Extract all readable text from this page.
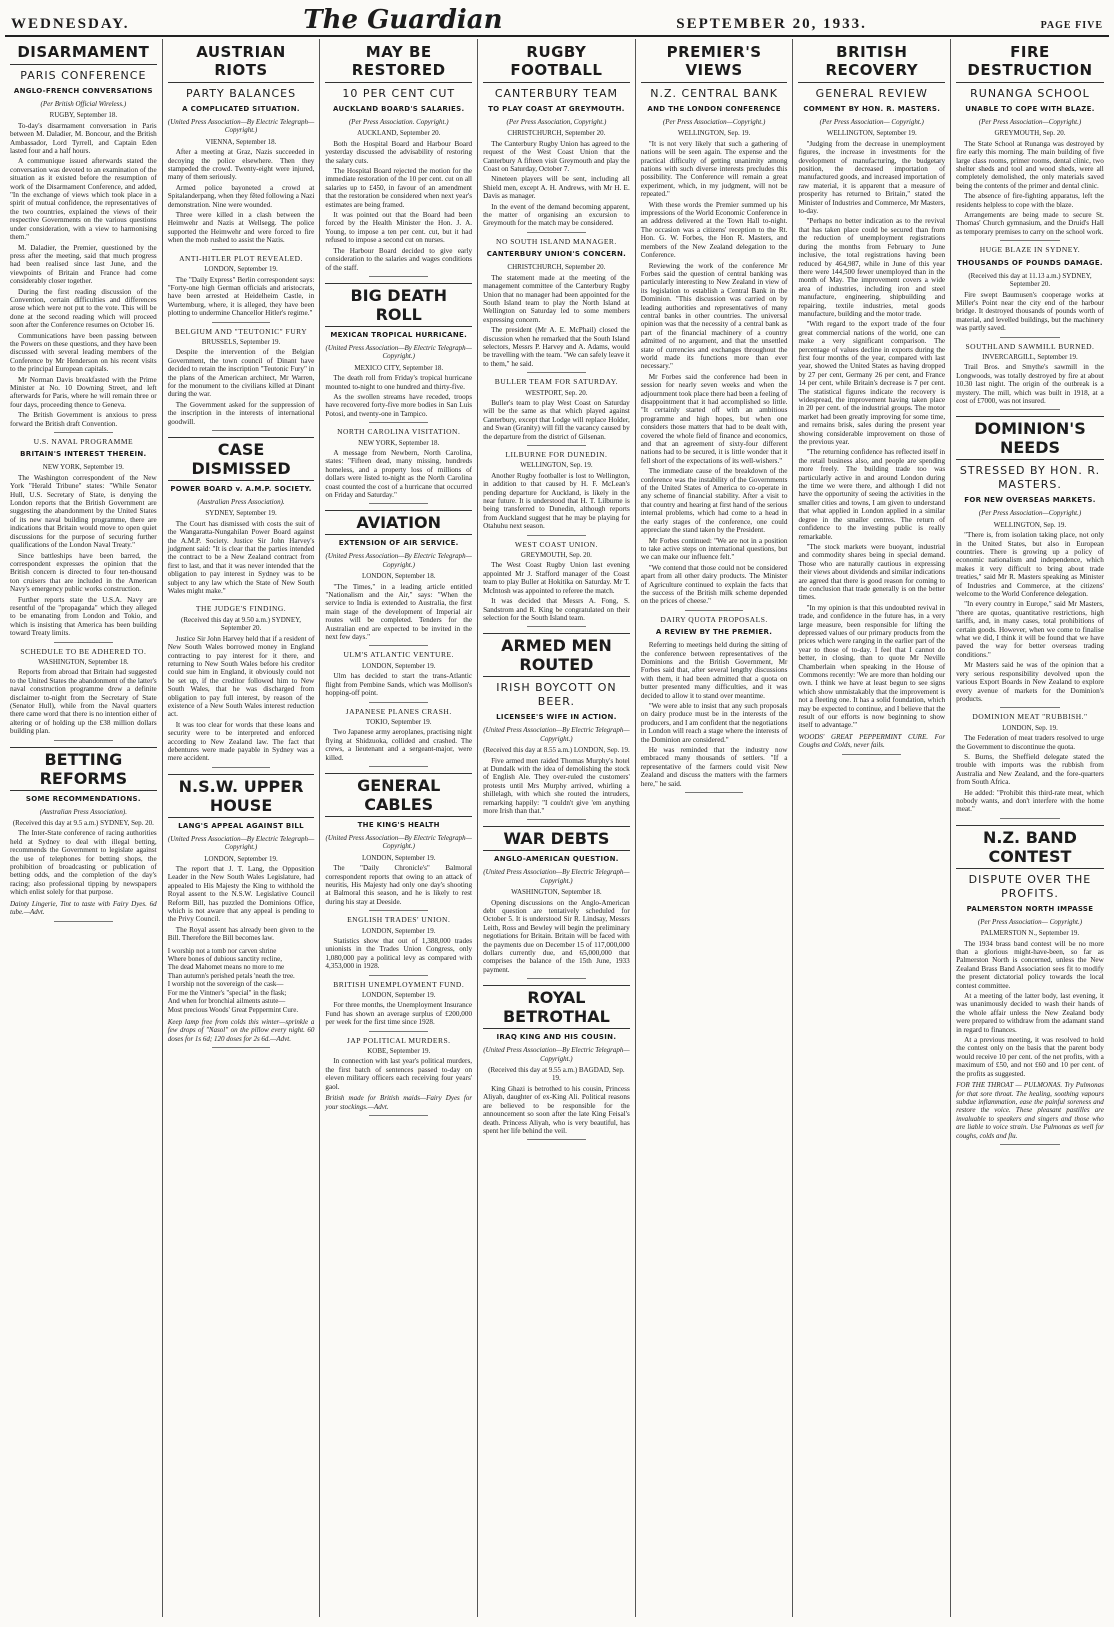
WEDNESDAY.	The Guardian	SEPTEMBER 20, 1933.	PAGE FIVE
DISARMAMENT
PARIS CONFERENCE
ANGLO-FRENCH CONVERSATIONS
(Per British Official Wireless.)
RUGBY, September 18.

To-day's disarmament conversation in Paris between M. Daladier, M. Boncour, and the British Ambassador, Lord Tyrrell, and Captain Eden lasted four and a half hours.

A communique issued afterwards stated the conversation was devoted to an examination of the situation as it existed before the resumption of work of the Disarmament Conference, and added, "In the exchange of views which took place in a spirit of mutual confidence, the representatives of the two countries, explained the views of their respective Governments on the various questions under consideration, with a view to harmonising them."

M. Daladier, the Premier, questioned by the press after the meeting, said that much progress had been realised since last June, and the viewpoints of Britain and France had come considerably closer together.

During the first reading discussion of the Convention, certain difficulties and differences arose which were not put to the vote. This will be done at the second reading which will proceed soon after the Conference resumes on October 16.

Communications have been passing between the Powers on these questions, and they have been discussed with several leading members of the Conference by Mr Henderson on his recent visits to the principal European capitals.

Mr Norman Davis breakfasted with the Prime Minister at No. 10 Downing Street, and left afterwards for Paris, where he will remain three or four days, proceeding thence to Geneva.

The British Government is anxious to press forward the British draft Convention.

U.S. NAVAL PROGRAMME
BRITAIN'S INTEREST THEREIN.
NEW YORK, September 19.

The Washington correspondent of the New York "Herald Tribune" states: "While Senator Hull, U.S. Secretary of State, is denying the London reports that the British Government are suggesting the abandonment by the United States of its new naval building programme, there are indications that Britain would move to open quiet discussions for the purpose of securing further qualifications of the London Naval Treaty."

Since battleships have been barred, the correspondent expresses the opinion that the British concern is directed to four ten-thousand ton cruisers that are included in the American Navy's emergency public works construction.

Further reports state the U.S.A. Navy are resentful of the "propaganda" which they alleged to be emanating from London and Tokio, and which is insisting that America has been building toward Treaty limits.

SCHEDULE TO BE ADHERED TO.
WASHINGTON, September 18.

Reports from abroad that Britain had suggested to the United States the abandonment of the latter's naval construction programme drew a definite disclaimer to-night from the Secretary of State (Senator Hull), while from the Naval quarters there came word that there is no intention either of altering or of holding up the £38 million dollars building plan.

BETTING REFORMS
SOME RECOMMENDATIONS.
(Australian Press Association).
(Received this day at 9.5 a.m.) SYDNEY, Sep. 20.

The Inter-State conference of racing authorities held at Sydney to deal with illegal betting, recommends the Government to legislate against the use of telephones for betting shops, the prohibition of broadcasting or publication of betting odds, and the completion of the day's racing; also professional tipping by newspapers which enlist solely for that purpose.

Dainty Lingerie, Tint to taste with Fairy Dyes. 6d tube.—Advt.
AUSTRIAN RIOTS
PARTY BALANCES
A COMPLICATED SITUATION.
(United Press Association—By Electric Telegraph—Copyright.)
VIENNA, September 18.

After a meeting at Graz, Nazis succeeded in decoying the police elsewhere. Then they stampeded the crowd. Twenty-eight were injured, many of them seriously.

Armed police bayoneted a crowd at Spitalanderpang, when they fêted following a Nazi demonstration. Nine were wounded.

Three were killed in a clash between the Heimwehr and Nazis at Wellsegg. The police supported the Heimwehr and were forced to fire when the mob rushed to assist the Nazis.

ANTI-HITLER PLOT REVEALED.
LONDON, September 19.

The "Daily Express" Berlin correspondent says: "Forty-one high German officials and aristocrats, have been arrested at Heidelheim Castle, in Wurtemburg, where, it is alleged, they have been plotting to undermine Chancellor Hitler's regime."

BELGIUM AND "TEUTONIC" FURY
BRUSSELS, September 19.

Despite the intervention of the Belgian Government, the town council of Dinant have decided to retain the inscription "Teutonic Fury" in the plans of the American architect, Mr Warren, for the monument to the civilians killed at Dinant during the war.

The Government asked for the suppression of the inscription in the interests of international goodwill.

CASE DISMISSED
POWER BOARD v. A.M.P. SOCIETY.
(Australian Press Association).
SYDNEY, September 19.

The Court has dismissed with costs the suit of the Wangaratta-Nungahilan Power Board against the A.M.P. Society. Justice Sir John Harvey's judgment said: "It is clear that the parties intended the contract to be a New Zealand contract from first to last, and that it was never intended that the obligation to pay interest in Sydney was to be subject to any law which the State of New South Wales might make."

THE JUDGE'S FINDING.
(Received this day at 9.50 a.m.) SYDNEY, September 20.

Justice Sir John Harvey held that if a resident of New South Wales borrowed money in England contracting to pay interest for it there, and returning to New South Wales before his creditor could sue him in England, it obviously could not be set up, if the creditor followed him to New South Wales, that he was discharged from obligation to pay full interest, by reason of the existence of a New South Wales interest reduction act.

It was too clear for words that these loans and security were to be interpreted and enforced according to New Zealand law. The fact that debentures were made payable in Sydney was a mere accident.

N.S.W. UPPER HOUSE
LANG'S APPEAL AGAINST BILL
(United Press Association—By Electric Telegraph—Copyright.)
LONDON, September 19.

The report that J. T. Lang, the Opposition Leader in the New South Wales Legislature, had appealed to His Majesty the King to withhold the Royal assent to the N.S.W. Legislative Council Reform Bill, has puzzled the Dominions Office, which is not aware that any appeal is pending to the Privy Council.

The Royal assent has already been given to the Bill. Therefore the Bill becomes law.

I worship not a tomb nor carven shrine
Where bones of dubious sanctity recline,
The dead Mahomet means no more to me
Than autumn's perished petals 'neath the tree.
I worship not the sovereign of the cask—
For me the Vintner's "special" in the flask;
And when for bronchial ailments astute—
Most precious Woods' Great Peppermint Cure.
Keep lamp free from colds this winter—sprinkle a few drops of "Nasol" on the pillow every night. 60 doses for 1s 6d; 120 doses for 2s 6d.—Advt.
MAY BE RESTORED
10 PER CENT CUT
AUCKLAND BOARD'S SALARIES.
(Per Press Association. Copyright.)
AUCKLAND, September 20.

Both the Hospital Board and Harbour Board yesterday discussed the advisability of restoring the salary cuts.

The Hospital Board rejected the motion for the immediate restoration of the 10 per cent. cut on all salaries up to £450, in favour of an amendment that the restoration be considered when next year's estimates are being framed.

It was pointed out that the Board had been forced by the Health Minister the Hon. J. A. Young, to impose a ten per cent. cut, but it had refused to impose a second cut on nurses.

The Harbour Board decided to give early consideration to the salaries and wages conditions of the staff.

BIG DEATH ROLL
MEXICAN TROPICAL HURRICANE.
(United Press Association—By Electric Telegraph—Copyright.)
MEXICO CITY, September 18.

The death roll from Friday's tropical hurricane mounted to-night to one hundred and thirty-five.

As the swollen streams have receded, troops have recovered forty-five more bodies in San Luis Potosi, and twenty-one in Tampico.

NORTH CAROLINA VISITATION.
NEW YORK, September 18.

A message from Newbern, North Carolina, states: "Fifteen dead, many missing, hundreds homeless, and a property loss of millions of dollars were listed to-night as the North Carolina coast counted the cost of a hurricane that occurred on Friday and Saturday."

AVIATION
EXTENSION OF AIR SERVICE.
(United Press Association—By Electric Telegraph—Copyright.)
LONDON, September 18.

"The Times," in a leading article entitled "Nationalism and the Air," says: "When the service to India is extended to Australia, the first main stage of the development of Imperial air routes will be completed. Tenders for the Australian end are expected to be invited in the next few days."

ULM'S ATLANTIC VENTURE.
LONDON, September 19.

Ulm has decided to start the trans-Atlantic flight from Pembine Sands, which was Mollison's hopping-off point.

JAPANESE PLANES CRASH.
TOKIO, September 19.

Two Japanese army aeroplanes, practising night flying at Shidzuoka, collided and crashed. The crews, a lieutenant and a sergeant-major, were killed.

GENERAL CABLES
THE KING'S HEALTH
(United Press Association—By Electric Telegraph—Copyright.)
LONDON, September 19.

The "Daily Chronicle's" Balmoral correspondent reports that owing to an attack of neuritis, His Majesty had only one day's shooting at Balmoral this season, and he is likely to rest during his stay at Deeside.

ENGLISH TRADES' UNION.
LONDON, September 19.

Statistics show that out of 1,388,000 trades unionists in the Trades Union Congress, only 1,080,000 pay a political levy as compared with 4,353,000 in 1928.

BRITISH UNEMPLOYMENT FUND.
LONDON, September 19.

For three months, the Unemployment Insurance Fund has shown an average surplus of £200,000 per week for the first time since 1928.

JAP POLITICAL MURDERS.
KOBE, September 19.

In connection with last year's political murders, the first batch of sentences passed to-day on eleven military officers each receiving four years' gaol.

British made for British maids—Fairy Dyes for your stockings.—Advt.
RUGBY FOOTBALL
CANTERBURY TEAM
TO PLAY COAST AT GREYMOUTH.
(Per Press Association, Copyright.)
CHRISTCHURCH, September 20.

The Canterbury Rugby Union has agreed to the request of the West Coast Union that the Canterbury A fifteen visit Greymouth and play the Coast on Saturday, October 7.

Nineteen players will be sent, including all Shield men, except A. H. Andrews, with Mr H. E. Davis as manager.

In the event of the demand becoming apparent, the matter of organising an excursion to Greymouth for the match may be considered.

NO SOUTH ISLAND MANAGER.
CANTERBURY UNION'S CONCERN.
CHRISTCHURCH, September 20.

The statement made at the meeting of the management committee of the Canterbury Rugby Union that no manager had been appointed for the South Island team to play the North Island at Wellington on Saturday led to some members expressing concern.

The president (Mr A. E. McPhail) closed the discussion when he remarked that the South Island selectors, Messrs P. Harvey and A. Adams, would be travelling with the team. "We can safely leave it to them," he said.

BULLER TEAM FOR SATURDAY.
WESTPORT, Sep. 20.

Buller's team to play West Coast on Saturday will be the same as that which played against Canterbury, except that Lodge will replace Holder, and Swan (Granity) will fill the vacancy caused by the departure from the district of Gilsenan.

LILBURNE FOR DUNEDIN.
WELLINGTON, Sep. 19.

Another Rugby footballer is lost to Wellington, in addition to that caused by H. F. McLean's pending departure for Auckland, is likely in the near future. It is understood that H. T. Lilburne is being transferred to Dunedin, although reports from Auckland suggest that he may be playing for Otahuhu next season.

WEST COAST UNION.
GREYMOUTH, Sep. 20.

The West Coast Rugby Union last evening appointed Mr J. Stafford manager of the Coast team to play Buller at Hokitika on Saturday. Mr T. McIntosh was appointed to referee the match.

It was decided that Messrs A. Fong, S. Sandstrom and R. King be congratulated on their selection for the South Island team.

ARMED MEN ROUTED
IRISH BOYCOTT ON BEER.
LICENSEE'S WIFE IN ACTION.
(United Press Association—By Electric Telegraph—Copyright.)
(Received this day at 8.55 a.m.) LONDON, Sep. 19.

Five armed men raided Thomas Murphy's hotel at Dundalk with the idea of demolishing the stock of English Ale. They over-ruled the customers' protests until Mrs Murphy arrived, whirling a shillelagh, with which she routed the intruders, remarking happily: "I couldn't give 'em anything more Irish than that."

WAR DEBTS
ANGLO-AMERICAN QUESTION.
(United Press Association—By Electric Telegraph—Copyright.)
WASHINGTON, September 18.

Opening discussions on the Anglo-American debt question are tentatively scheduled for October 5. It is understood Sir R. Lindsay, Messrs Leith, Ross and Bewley will begin the preliminary negotiations for Britain. Britain will be faced with the payments due on December 15 of 117,000,000 dollars currently due, and 65,000,000 that comprises the balance of the 15th June, 1933 payment.

ROYAL BETROTHAL
IRAQ KING AND HIS COUSIN.
(United Press Association—By Electric Telegraph—Copyright.)
(Received this day at 9.55 a.m.) BAGDAD, Sep. 19.

King Ghazi is betrothed to his cousin, Princess Aliyah, daughter of ex-King Ali. Political reasons are believed to be responsible for the announcement so soon after the late King Feisal's death. Princess Aliyah, who is very beautiful, has spent her life behind the veil.

PREMIER'S VIEWS
N.Z. CENTRAL BANK
AND THE LONDON CONFERENCE
(Per Press Association—Copyright.)
WELLINGTON, Sep. 19.

"It is not very likely that such a gathering of nations will be seen again. The expense and the practical difficulty of getting unanimity among nations with such diverse interests precludes this possibility. The Conference will remain a great experiment, which, in my judgment, will not be repeated."

With these words the Premier summed up his impressions of the World Economic Conference in an address delivered at the Town Hall to-night. The occasion was a citizens' reception to the Rt. Hon. G. W. Forbes, the Hon R. Masters, and members of the New Zealand delegation to the Conference.

Reviewing the work of the conference Mr Forbes said the question of central banking was particularly interesting to New Zealand in view of its legislation to establish a Central Bank in the Dominion. "This discussion was carried on by leading authorities and representatives of many central banks in other countries. The universal opinion was that the necessity of a central bank as part of the financial machinery of a country admitted of no argument, and that the unsettled state of currencies and exchanges throughout the world made its functions more than ever necessary."

Mr Forbes said the conference had been in session for nearly seven weeks and when the adjournment took place there had been a feeling of disappointment that it had accomplished so little. "It certainly started off with an ambitious programme and high hopes, but when one considers those matters that had to be dealt with, covered the whole field of finance and economics, and that an agreement of sixty-four different nations had to be secured, it is little wonder that it fell short of the expectations of its well-wishers."

The immediate cause of the breakdown of the conference was the instability of the Governments of the United States of America to co-operate in any scheme of financial stability. After a visit to that country and hearing at first hand of the serious internal problems, which had come to a head in the early stages of the conference, one could appreciate the stand taken by the President.

Mr Forbes continued: "We are not in a position to take active steps on international questions, but we can make our influence felt."

"We contend that those could not be considered apart from all other dairy products. The Minister of Agriculture continued to explain the facts that the success of the British milk scheme depended on the prices of cheese."

DAIRY QUOTA PROPOSALS.
A REVIEW BY THE PREMIER.

Referring to meetings held during the sitting of the conference between representatives of the Dominions and the British Government, Mr Forbes said that, after several lengthy discussions with them, it had been admitted that a quota on butter presented many difficulties, and it was decided to allow it to stand over meantime.

"We were able to insist that any such proposals on dairy produce must be in the interests of the producers, and I am confident that the negotiations in London will reach a stage where the interests of the Dominion are considered."

He was reminded that the industry now embraced many thousands of settlers. "If a representative of the farmers could visit New Zealand and discuss the matters with the farmers here," he said.

BRITISH RECOVERY
GENERAL REVIEW
COMMENT BY HON. R. MASTERS.
(Per Press Association— Copyright.)
WELLINGTON, September 19.

"Judging from the decrease in unemployment figures, the increase in investments for the development of manufacturing, the budgetary position, the decreased importation of manufactured goods, and increased importation of raw material, it is apparent that a measure of prosperity has returned to Britain," stated the Minister of Industries and Commerce, Mr Masters, to-day.

"Perhaps no better indication as to the revival that has taken place could be secured than from the reduction of unemployment registrations during the months from February to June inclusive, the total registrations having been reduced by 464,987, while in June of this year there were 144,500 fewer unemployed than in the month of May. The improvement covers a wide area of industries, including iron and steel manufacture, engineering, shipbuilding and repairing, textile industries, metal goods manufacture, building and the motor trade.

"With regard to the export trade of the four great commercial nations of the world, one can make a very significant comparison. The percentage of values decline in exports during the first four months of the year, compared with last year, showed the United States as having dropped by 27 per cent, Germany 26 per cent, and France 14 per cent, while Britain's decrease is 7 per cent. The statistical figures indicate the recovery is widespread, the improvement having taken place in 20 per cent. of the industrial groups. The motor market had been greatly improving for some time, and remains brisk, sales during the present year showing considerable improvement on those of the previous year.

"The returning confidence has reflected itself in the retail business also, and people are spending more freely. The building trade too was particularly active in and around London during the time we were there, and although I did not have the opportunity of seeing the activities in the smaller cities and towns, I am given to understand that what applied in London applied in a similar degree in the smaller centres. The return of confidence to the investing public is really remarkable.

"The stock markets were buoyant, industrial and commodity shares being in special demand. Those who are naturally cautious in expressing their views about dividends and similar indications are agreed that there is good reason for coming to the conclusion that trade generally is on the better times.

"In my opinion is that this undoubted revival in trade, and confidence in the future has, in a very large measure, been responsible for lifting the depressed values of our primary products from the prices which were ranging in the earlier part of the year to those of to-day. I feel that I cannot do better, in closing, than to quote Mr Neville Chamberlain when speaking in the House of Commons recently: 'We are more than holding our own. I think we have at least begun to see signs which show unmistakably that the improvement is not a fleeting one. It has a solid foundation, which may be expected to continue, and I believe that the result of our efforts is now beginning to show itself to advantage.'"

WOODS' GREAT PEPPERMINT CURE. For Coughs and Colds, never fails.
FIRE DESTRUCTION
RUNANGA SCHOOL
UNABLE TO COPE WITH BLAZE.
(Per Press Association—Copyright.)
GREYMOUTH, Sep. 20.

The State School at Runanga was destroyed by fire early this morning. The main building of five large class rooms, primer rooms, dental clinic, two shelter sheds and tool and wood sheds, were all completely demolished, the only materials saved being the contents of the primer and dental clinic.

The absence of fire-fighting apparatus, left the residents helpless to cope with the blaze.

Arrangements are being made to secure St. Thomas' Church gymnasium, and the Druid's Hall as temporary premises to carry on the school work.

HUGE BLAZE IN SYDNEY.
THOUSANDS OF POUNDS DAMAGE.
(Received this day at 11.13 a.m.) SYDNEY, September 20.

Fire swept Baumusen's cooperage works at Miller's Point near the city end of the harbour bridge. It destroyed thousands of pounds worth of material, and levelled buildings, but the machinery was partly saved.

SOUTHLAND SAWMILL BURNED.
INVERCARGILL, September 19.

Trail Bros. and Smythe's sawmill in the Longwoods, was totally destroyed by fire at about 10.30 last night. The origin of the outbreak is a mystery. The mill, which was built in 1918, at a cost of £7000, was not insured.

DOMINION'S NEEDS
STRESSED BY HON. R. MASTERS.
FOR NEW OVERSEAS MARKETS.
(Per Press Association—Copyright.)
WELLINGTON, Sep. 19.

"There is, from isolation taking place, not only in the United States, but also in European countries. There is growing up a policy of economic nationalism and independence, which makes it very difficult to bring about trade treaties," said Mr R. Masters speaking as Minister of Industries and Commerce, at the citizens' welcome to the World Conference delegation.

"In every country in Europe," said Mr Masters, "there are quotas, quantitative restrictions, high tariffs, and, in many cases, total prohibitions of certain goods. However, when we come to finalise what we did, I think it will be found that we have paved the way for better overseas trading conditions."

Mr Masters said he was of the opinion that a very serious responsibility devolved upon the various Export Boards in New Zealand to explore every avenue of markets for the Dominion's products.

DOMINION MEAT "RUBBISH."
LONDON, Sep. 19.

The Federation of meat traders resolved to urge the Government to discontinue the quota.

S. Burns, the Sheffield delegate stated the trouble with imports was the rubbish from Australia and New Zealand, and the fore-quarters from South Africa.

He added: "Prohibit this third-rate meat, which nobody wants, and don't interfere with the home meat."

N.Z. BAND CONTEST
DISPUTE OVER THE PROFITS.
PALMERSTON NORTH IMPASSE
(Per Press Association— Copyright.)
PALMERSTON N., September 19.

The 1934 brass band contest will be no more than a glorious might-have-been, so far as Palmerston North is concerned, unless the New Zealand Brass Band Association sees fit to modify the present dictatorial policy towards the local contest committee.

At a meeting of the latter body, last evening, it was unanimously decided to wash their hands of the whole affair unless the New Zealand body were prepared to withdraw from the adamant stand in regard to finances.

At a previous meeting, it was resolved to hold the contest only on the basis that the parent body would receive 10 per cent. of the net profits, with a maximum of £50, and not £60 and 10 per cent. of the profits as suggested.

FOR THE THROAT — PULMONAS. Try Pulmonas for that sore throat. The healing, soothing vapours subdue inflammation, ease the painful soreness and restore the voice. These pleasant pastilles are invaluable to speakers and singers and those who are liable to voice strain. Use Pulmonas as well for coughs, colds and flu.
